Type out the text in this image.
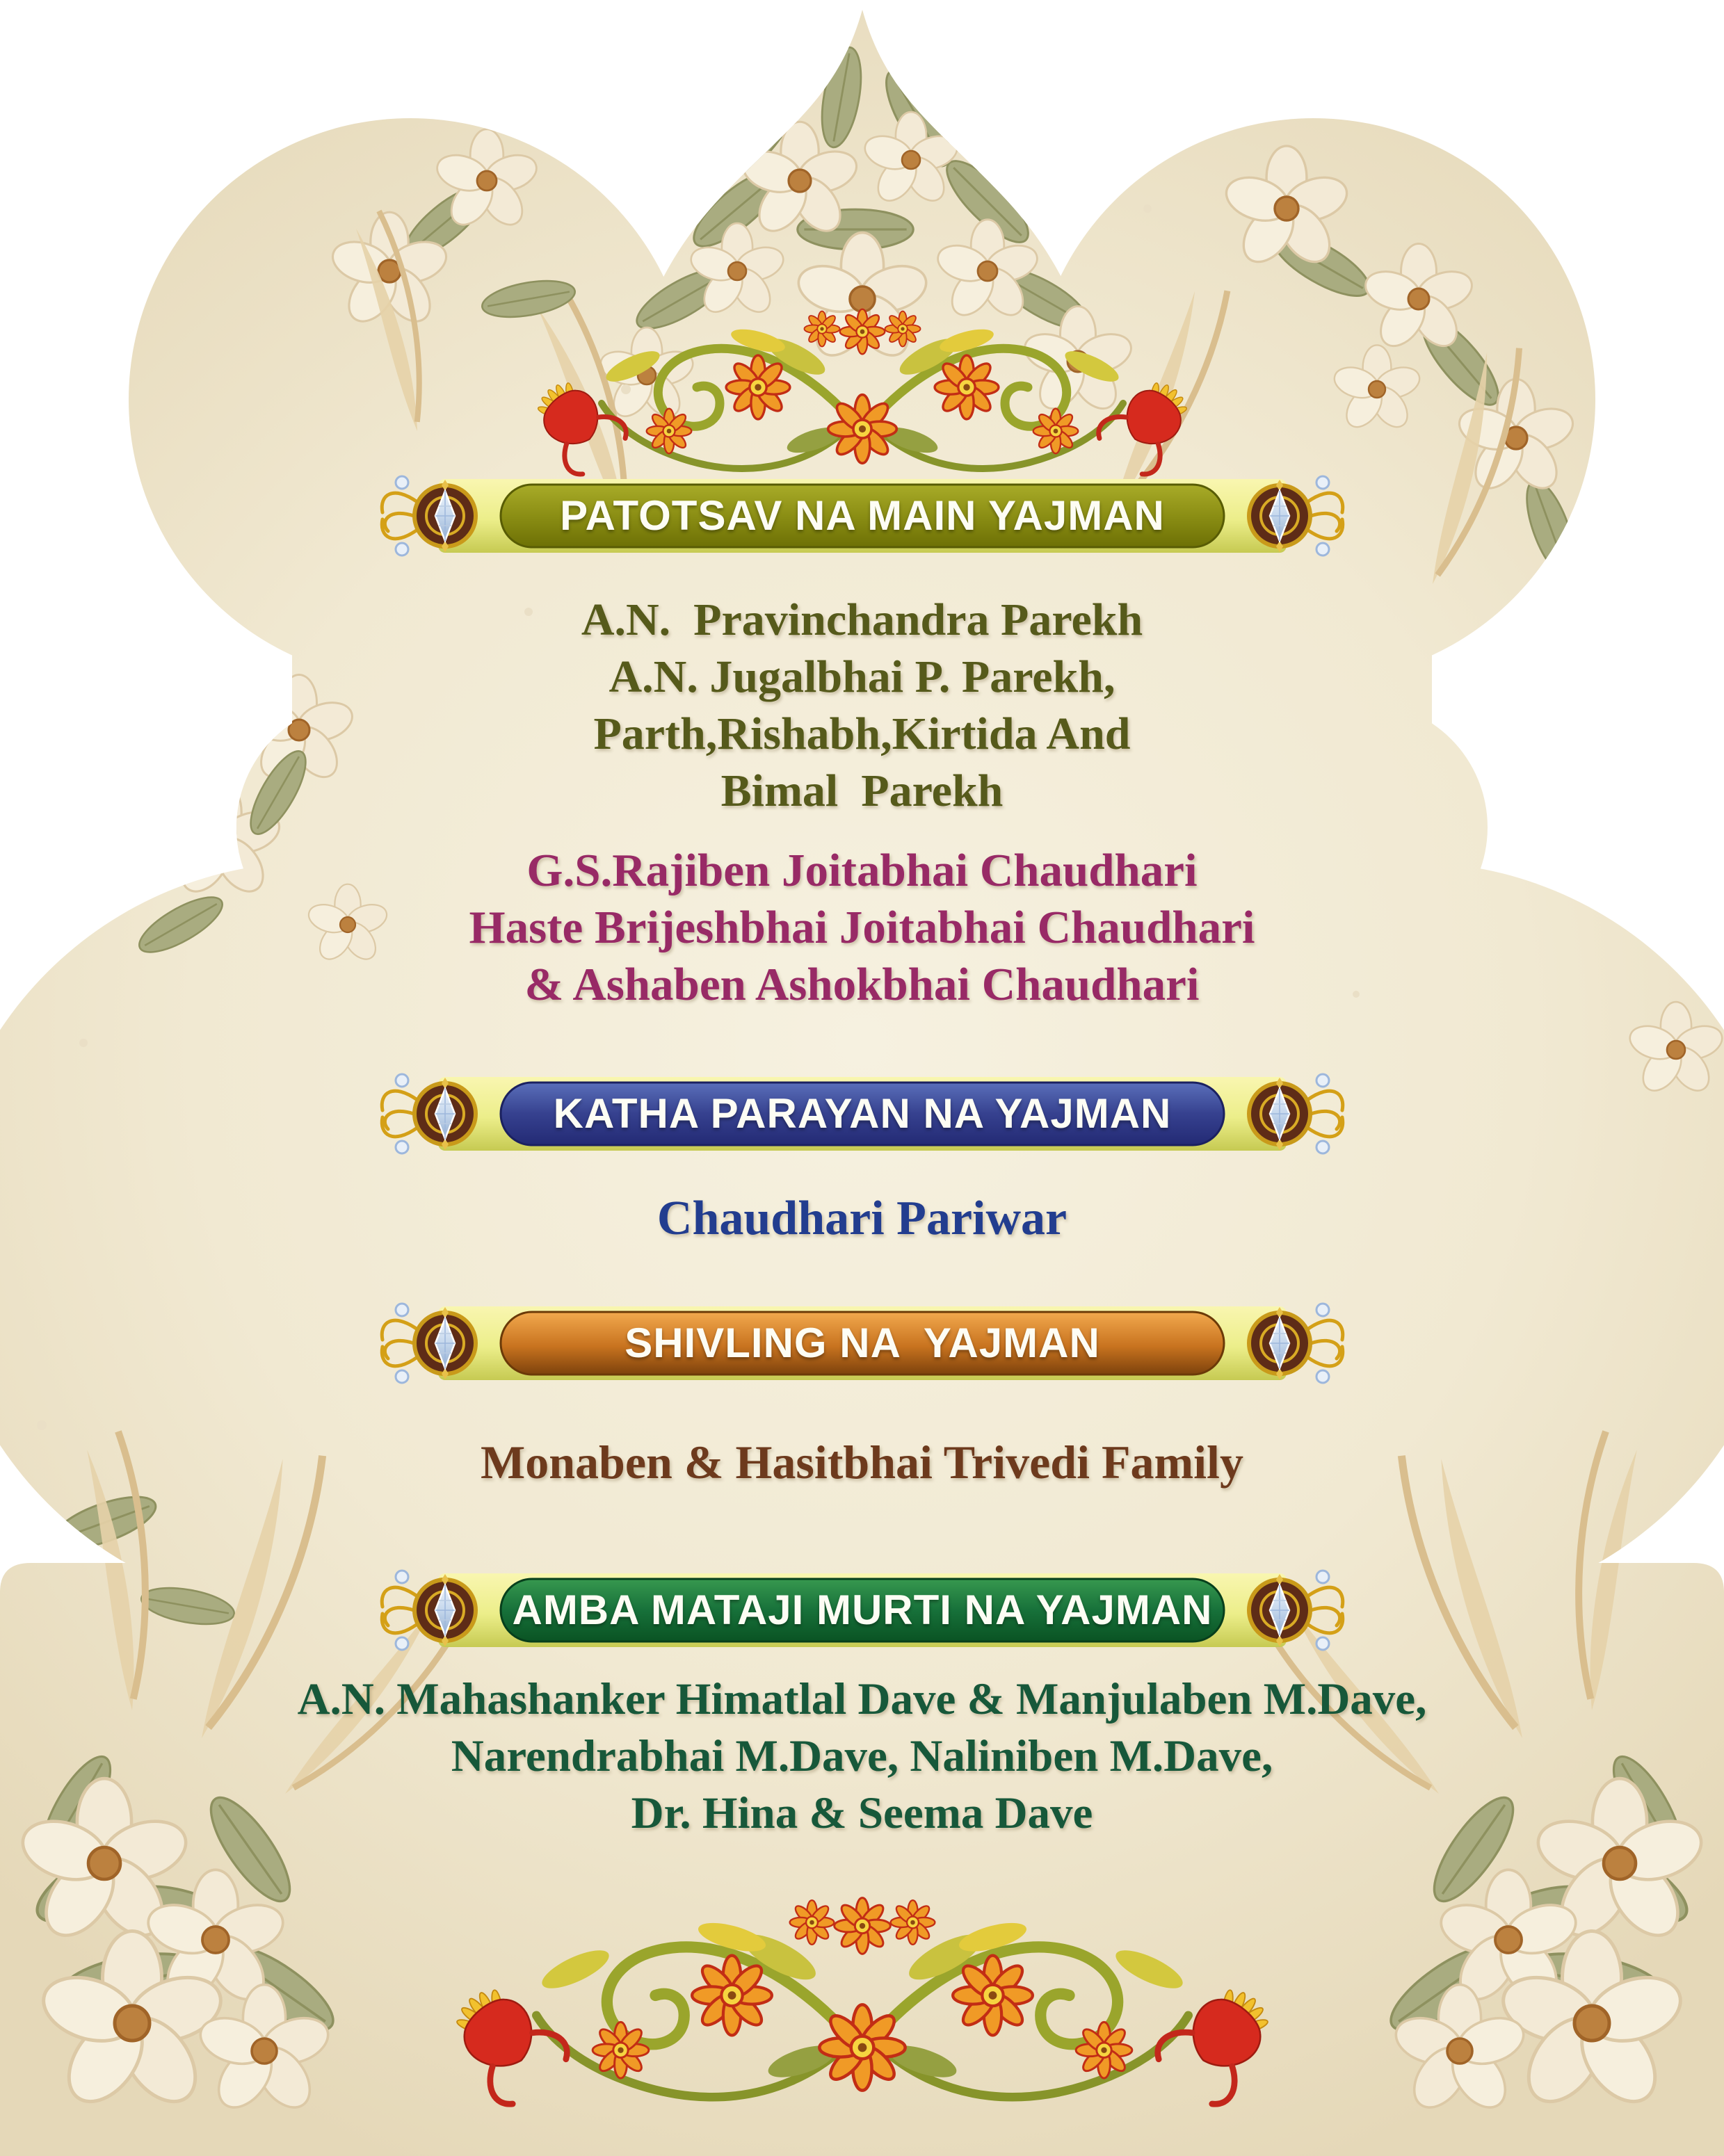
PATOTSAV NA MAIN YAJMAN
KATHA PARAYAN NA YAJMAN
SHIVLING NA  YAJMAN
AMBA MATAJI MURTI NA YAJMAN
A.N.  Pravinchandra Parekh
A.N. Jugalbhai P. Parekh,
Parth,Rishabh,Kirtida And
Bimal  Parekh
G.S.Rajiben Joitabhai Chaudhari
Haste Brijeshbhai Joitabhai Chaudhari
& Ashaben Ashokbhai Chaudhari
Chaudhari Pariwar
Monaben & Hasitbhai Trivedi Family
A.N. Mahashanker Himatlal Dave & Manjulaben M.Dave,
Narendrabhai M.Dave, Naliniben M.Dave,
Dr. Hina & Seema Dave
